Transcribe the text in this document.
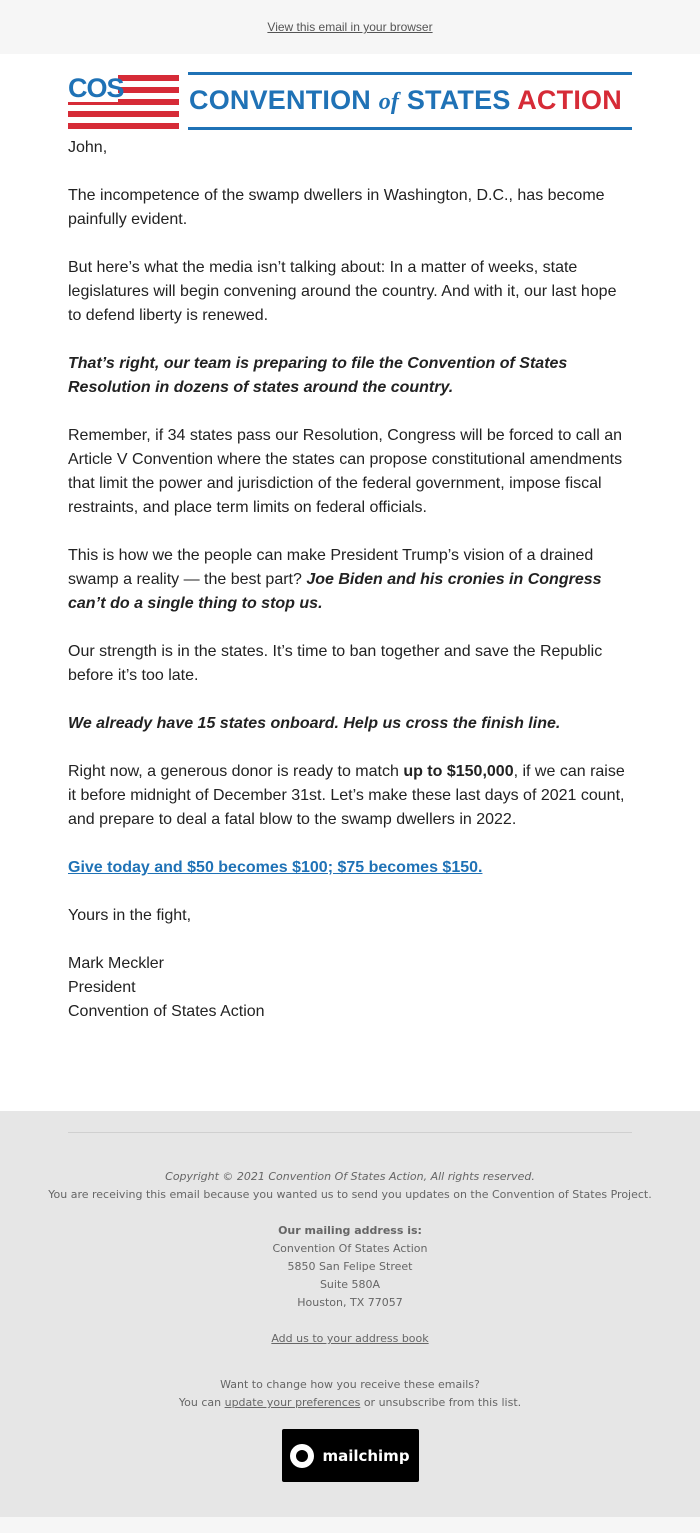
View this email in your browser
COS CONVENTION of STATES ACTION

John,

The incompetence of the swamp dwellers in Washington, D.C., has become painfully evident.

But here’s what the media isn’t talking about: In a matter of weeks, state legislatures will begin convening around the country. And with it, our last hope to defend liberty is renewed.

That’s right, our team is preparing to file the Convention of States Resolution in dozens of states around the country.

Remember, if 34 states pass our Resolution, Congress will be forced to call an Article V Convention where the states can propose constitutional amendments that limit the power and jurisdiction of the federal government, impose fiscal restraints, and place term limits on federal officials.

This is how we the people can make President Trump’s vision of a drained swamp a reality — the best part? Joe Biden and his cronies in Congress can’t do a single thing to stop us.

Our strength is in the states. It’s time to ban together and save the Republic before it’s too late.

We already have 15 states onboard. Help us cross the finish line.

Right now, a generous donor is ready to match up to $150,000, if we can raise it before midnight of December 31st. Let’s make these last days of 2021 count, and prepare to deal a fatal blow to the swamp dwellers in 2022.

Give today and $50 becomes $100; $75 becomes $150.

Yours in the fight,

Mark Meckler

President

Convention of States Action

Copyright © 2021 Convention Of States Action, All rights reserved.
You are receiving this email because you wanted us to send you updates on the Convention of States Project.
Our mailing address is:
Convention Of States Action
5850 San Felipe Street
Suite 580A
Houston, TX 77057
Add us to your address book
Want to change how you receive these emails?
You can update your preferences or unsubscribe from this list.
mailchimp
